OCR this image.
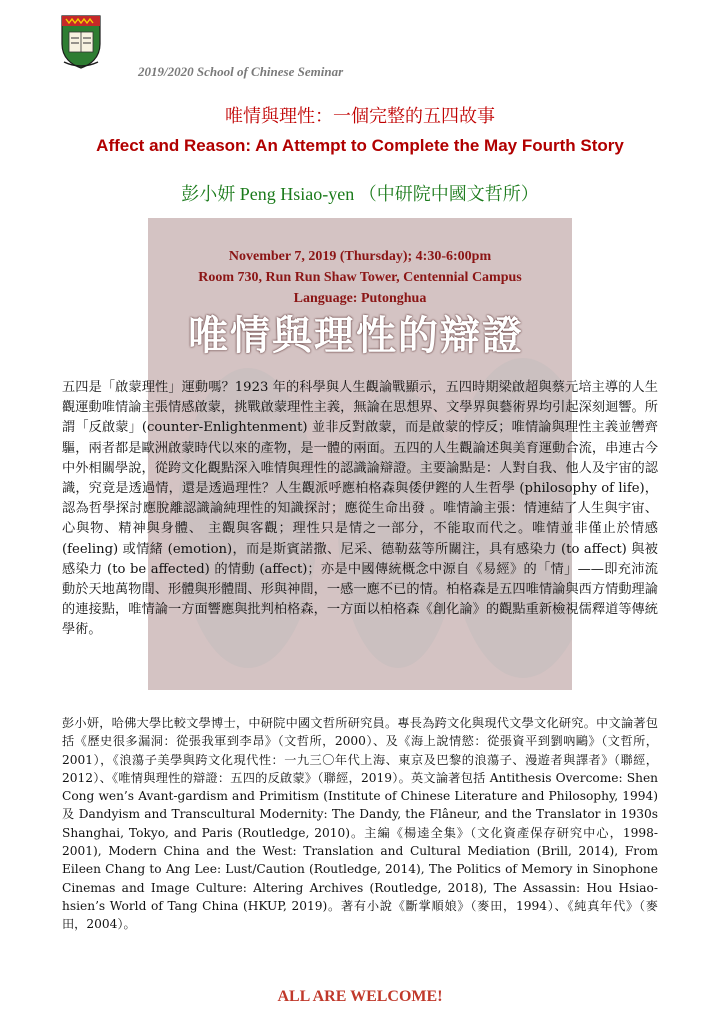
2019/2020 School of Chinese Seminar
唯情與理性：一個完整的五四故事
Affect and Reason: An Attempt to Complete the May Fourth Story
彭小妍 Peng Hsiao-yen （中研院中國文哲所）
唯情與理性的辯證
November 7, 2019 (Thursday); 4:30-6:00pm
Room 730, Run Run Shaw Tower, Centennial Campus
Language: Putonghua
五四是「啟蒙理性」運動嗎？1923 年的科學與人生觀論戰顯示，五四時期梁啟超與蔡元培主導的人生觀運動唯情論主張情感啟蒙，挑戰啟蒙理性主義，無論在思想界、文學界與藝術界均引起深刻迴響。所謂「反啟蒙」(counter-Enlightenment) 並非反對啟蒙，而是啟蒙的悖反；唯情論與理性主義並轡齊驅，兩者都是歐洲啟蒙時代以來的產物，是一體的兩面。五四的人生觀論述與美育運動合流，串連古今中外相關學說，從跨文化觀點深入唯情與理性的認識論辯證。主要論點是：人對自我、他人及宇宙的認識，究竟是透過情，還是透過理性？人生觀派呼應柏格森與倭伊鏗的人生哲學 (philosophy of life)，認為哲學探討應脫離認識論純理性的知識探討；應從生命出發 。唯情論主張：情連結了人生與宇宙、心與物、精神與身體、 主觀與客觀；理性只是情之一部分，不能取而代之。唯情並非僅止於情感 (feeling) 或情緒 (emotion)，而是斯賓諾撒、尼采、德勒茲等所關注，具有感染力 (to affect) 與被感染力 (to be affected) 的情動 (affect)；亦是中國傳統概念中源自《易經》的「情」——即充沛流動於天地萬物間、形體與形體間、形與神間，一感一應不已的情。柏格森是五四唯情論與西方情動理論的連接點，唯情論一方面響應與批判柏格森，一方面以柏格森《創化論》的觀點重新檢視儒釋道等傳統學術。
彭小妍，哈佛大學比較文學博士，中研院中國文哲所研究員。專長為跨文化與現代文學文化研究。中文論著包括《歷史很多漏洞：從張我軍到李昂》（文哲所，2000）、及《海上說情慾：從張資平到劉吶鷗》（文哲所，2001），《浪蕩子美學與跨文化現代性：一九三〇年代上海、東京及巴黎的浪蕩子、漫遊者與譯者》（聯經，2012）、《唯情與理性的辯證：五四的反啟蒙》（聯經，2019）。英文論著包括 Antithesis Overcome: Shen Cong wen’s Avant-gardism and Primitism (Institute of Chinese Literature and Philosophy, 1994) 及 Dandyism and Transcultural Modernity: The Dandy, the Flâneur, and the Translator in 1930s Shanghai, Tokyo, and Paris (Routledge, 2010)。主編《楊逵全集》（文化資產保存研究中心，1998-2001), Modern China and the West: Translation and Cultural Mediation (Brill, 2014), From Eileen Chang to Ang Lee: Lust/Caution (Routledge, 2014), The Politics of Memory in Sinophone Cinemas and Image Culture: Altering Archives (Routledge, 2018), The Assassin: Hou Hsiao-hsien’s World of Tang China (HKUP, 2019)。著有小說《斷掌順娘》（麥田，1994）、《純真年代》（麥田，2004）。
ALL ARE WELCOME!
